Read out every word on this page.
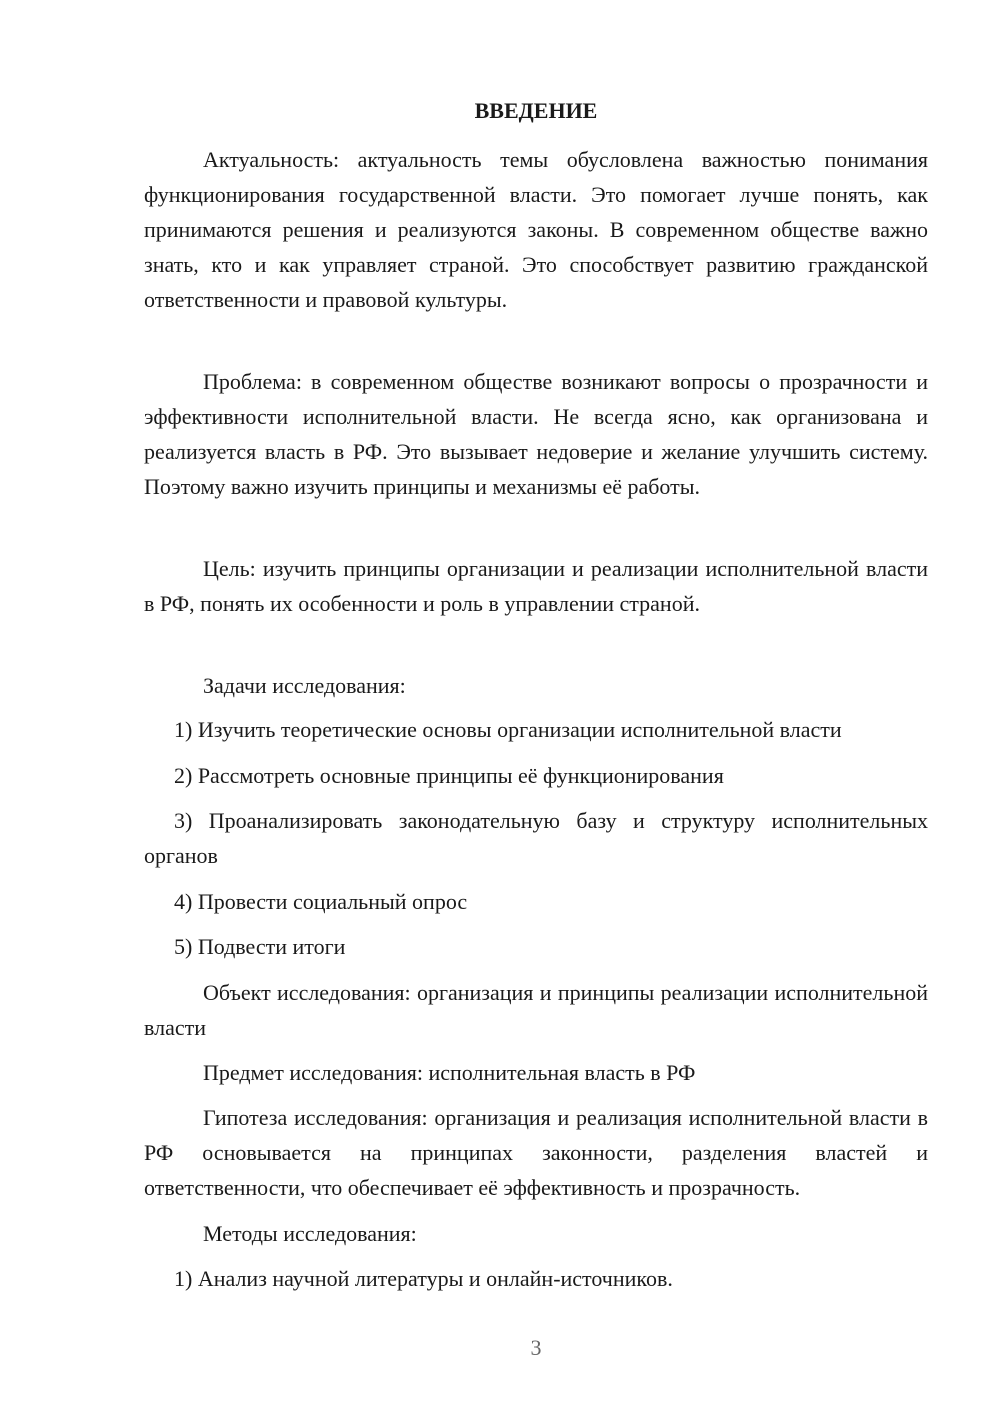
ВВЕДЕНИЕ

Актуальность: актуальность темы обусловлена важностью понимания функционирования государственной власти. Это помогает лучше понять, как принимаются решения и реализуются законы. В современном обществе важно знать, кто и как управляет страной. Это способствует развитию гражданской ответственности и правовой культуры.

Проблема: в современном обществе возникают вопросы о прозрачности и эффективности исполнительной власти. Не всегда ясно, как организована и реализуется власть в РФ. Это вызывает недоверие и желание улучшить систему. Поэтому важно изучить принципы и механизмы её работы.

Цель: изучить принципы организации и реализации исполнительной власти в РФ, понять их особенности и роль в управлении страной.

Задачи исследования:

1) Изучить теоретические основы организации исполнительной власти

2) Рассмотреть основные принципы её функционирования

3) Проанализировать законодательную базу и структуру исполнительных органов

4) Провести социальный опрос

5) Подвести итоги

Объект исследования: организация и принципы реализации исполнительной власти

Предмет исследования: исполнительная власть в РФ

Гипотеза исследования: организация и реализация исполнительной власти в РФ основывается на принципах законности, разделения властей и ответственности, что обеспечивает её эффективность и прозрачность.

Методы исследования:

1) Анализ научной литературы и онлайн-источников.

3
